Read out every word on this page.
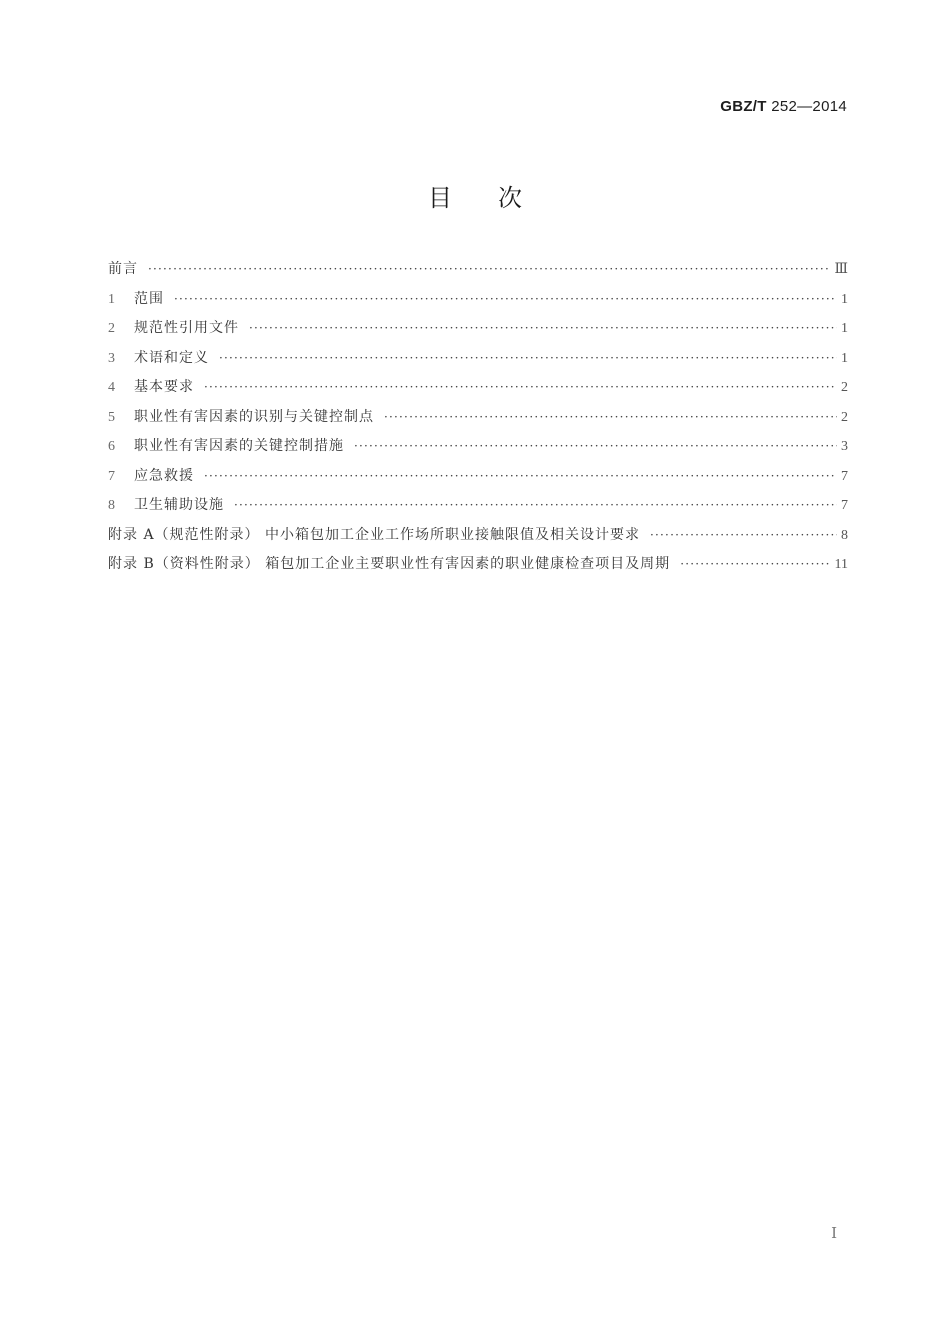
GBZ/T 252—2014
目次
前言 ·····	Ⅲ
1	范围 ·····	1
2	规范性引用文件 ·····	1
3	术语和定义 ·····	1
4	基本要求 ·····	2
5	职业性有害因素的识别与关键控制点 ·····	2
6	职业性有害因素的关键控制措施 ·····	3
7	应急救援 ·····	7
8	卫生辅助设施 ·····	7
附录 A（规范性附录） 中小箱包加工企业工作场所职业接触限值及相关设计要求 ·····	8
附录 B（资料性附录） 箱包加工企业主要职业性有害因素的职业健康检查项目及周期 ·····	11
Ⅰ
